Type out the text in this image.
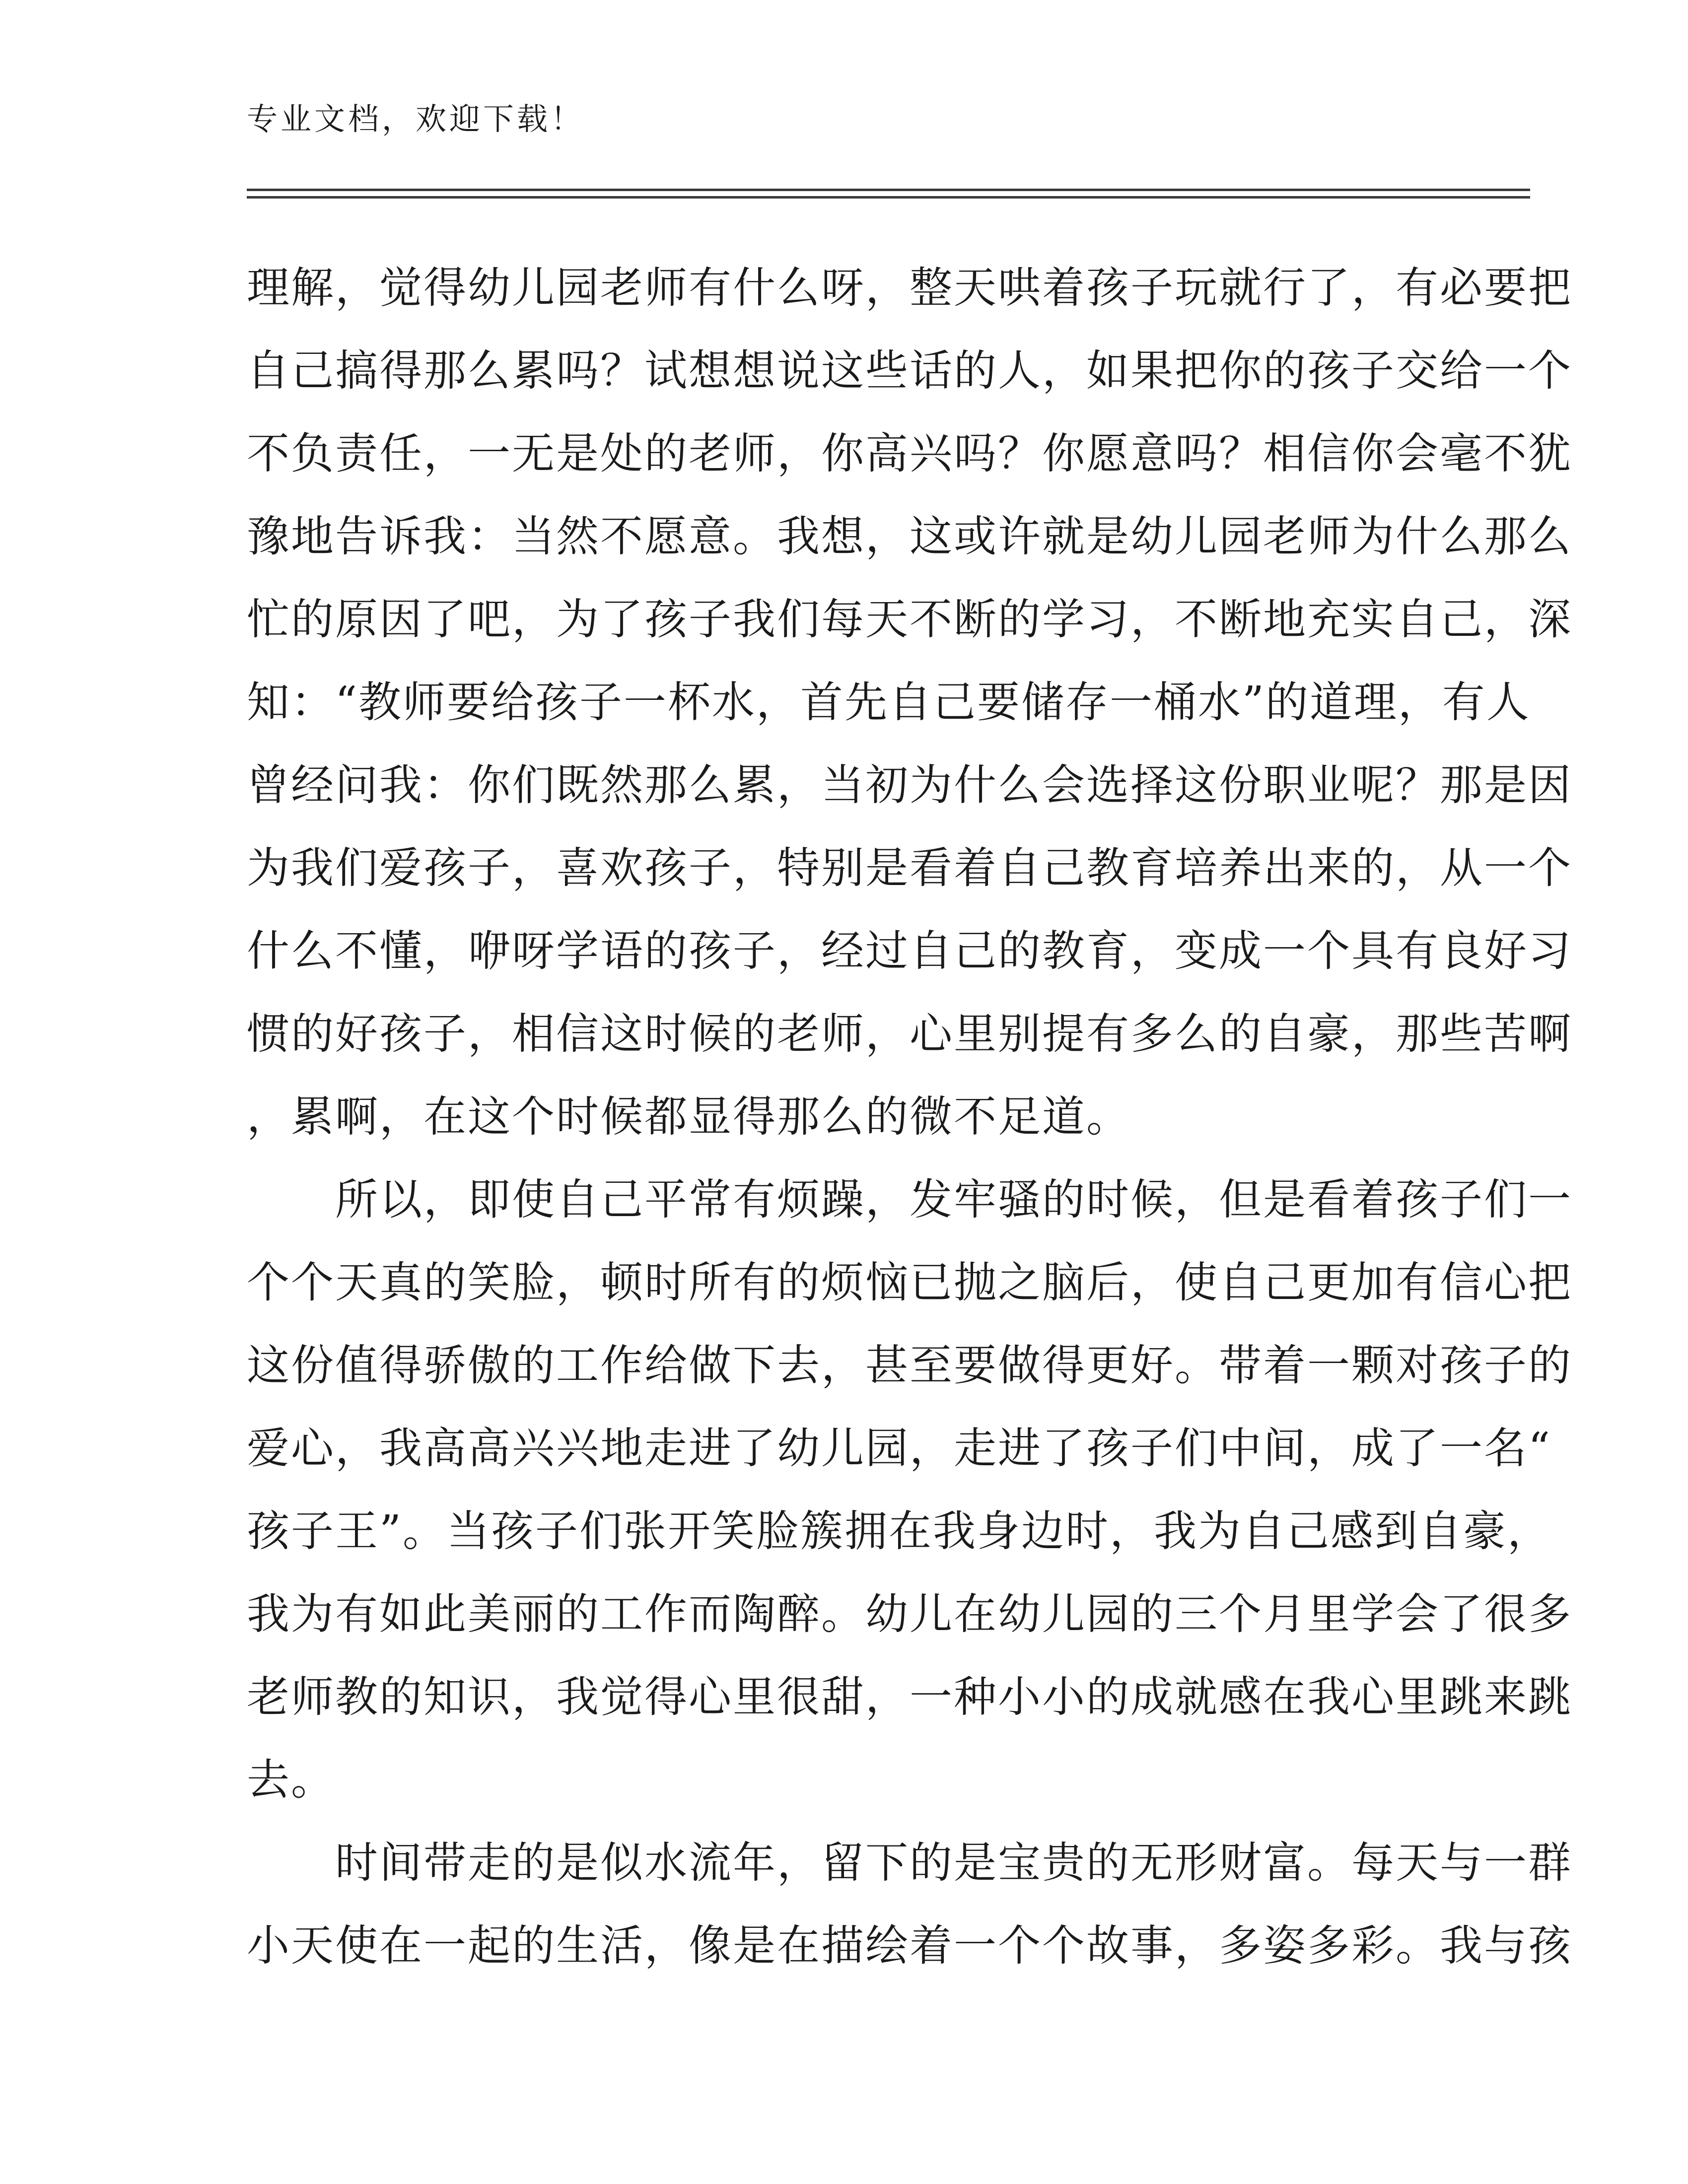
专业文档，欢迎下载！
理解，觉得幼儿园老师有什么呀，整天哄着孩子玩就行了，有必要把
自己搞得那么累吗？试想想说这些话的人，如果把你的孩子交给一个
不负责任，一无是处的老师，你高兴吗？你愿意吗？相信你会毫不犹
豫地告诉我：当然不愿意。我想，这或许就是幼儿园老师为什么那么
忙的原因了吧，为了孩子我们每天不断的学习，不断地充实自己，深
知：“教师要给孩子一杯水，首先自己要储存一桶水”的道理，有人
曾经问我：你们既然那么累，当初为什么会选择这份职业呢？那是因
为我们爱孩子，喜欢孩子，特别是看着自己教育培养出来的，从一个
什么不懂，咿呀学语的孩子，经过自己的教育，变成一个具有良好习
惯的好孩子，相信这时候的老师，心里别提有多么的自豪，那些苦啊
，累啊，在这个时候都显得那么的微不足道。
　　所以，即使自己平常有烦躁，发牢骚的时候，但是看着孩子们一
个个天真的笑脸，顿时所有的烦恼已抛之脑后，使自己更加有信心把
这份值得骄傲的工作给做下去，甚至要做得更好。带着一颗对孩子的
爱心，我高高兴兴地走进了幼儿园，走进了孩子们中间，成了一名“
孩子王”。当孩子们张开笑脸簇拥在我身边时，我为自己感到自豪，
我为有如此美丽的工作而陶醉。幼儿在幼儿园的三个月里学会了很多
老师教的知识，我觉得心里很甜，一种小小的成就感在我心里跳来跳
去。
　　时间带走的是似水流年，留下的是宝贵的无形财富。每天与一群
小天使在一起的生活，像是在描绘着一个个故事，多姿多彩。我与孩
